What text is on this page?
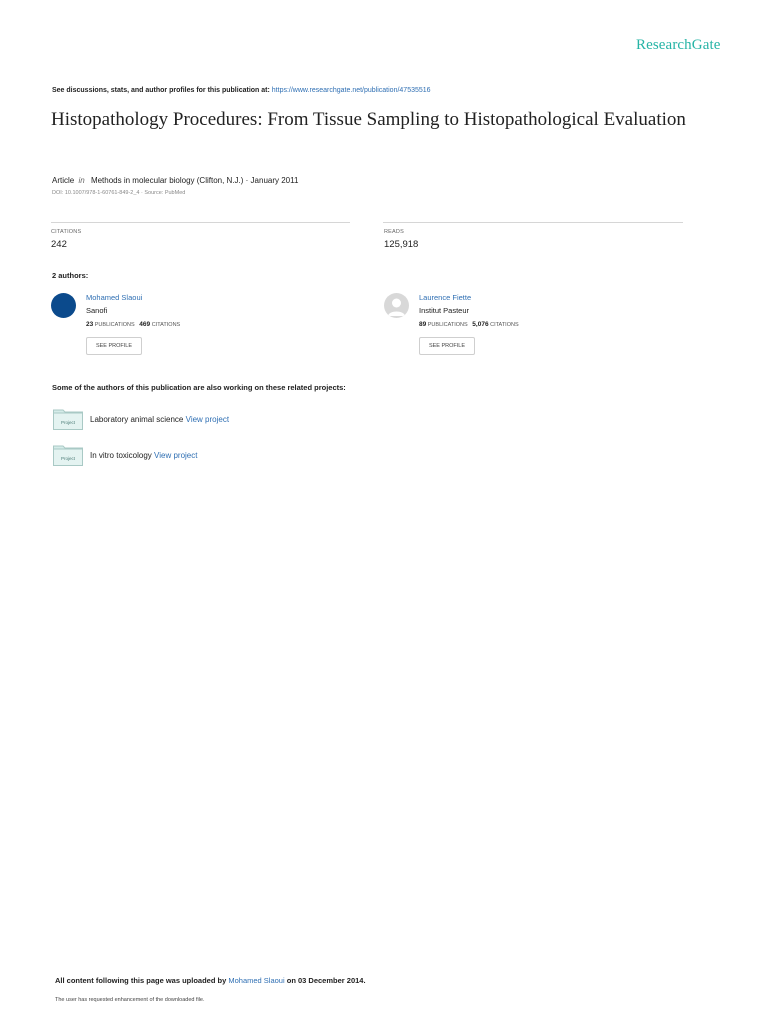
ResearchGate
See discussions, stats, and author profiles for this publication at: https://www.researchgate.net/publication/47535516
Histopathology Procedures: From Tissue Sampling to Histopathological Evaluation
Article in Methods in molecular biology (Clifton, N.J.) · January 2011
DOI: 10.1007/978-1-60761-849-2_4 · Source: PubMed
CITATIONS
242
READS
125,918
2 authors:
Mohamed Slaoui
Sanofi
23 PUBLICATIONS 469 CITATIONS
SEE PROFILE
Laurence Fiette
Institut Pasteur
89 PUBLICATIONS 5,076 CITATIONS
SEE PROFILE
Some of the authors of this publication are also working on these related projects:
Project Laboratory animal science View project
Project In vitro toxicology View project
All content following this page was uploaded by Mohamed Slaoui on 03 December 2014.
The user has requested enhancement of the downloaded file.
